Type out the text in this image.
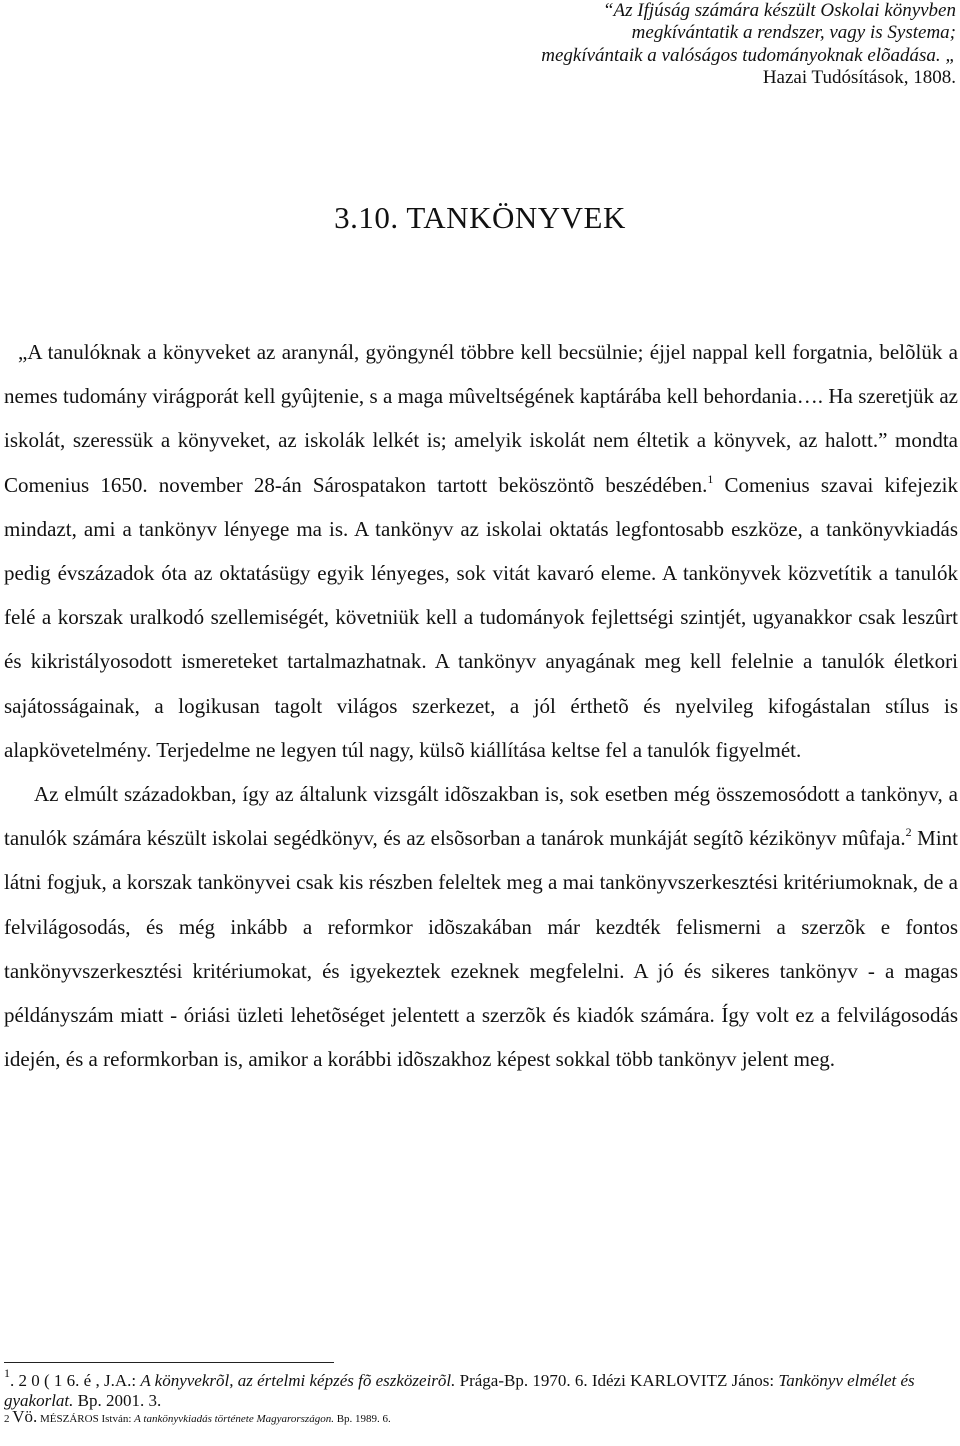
“Az Ifjúság számára készült Oskolai könyvben
megkívántatik a rendszer, vagy is Systema;
megkívántaik a valóságos tudományoknak elõadása. „
Hazai Tudósítások, 1808.
3.10. TANKÖNYVEK

„A tanulóknak a könyveket az aranynál, gyöngynél többre kell becsülnie; éjjel nappal kell forgatnia, belõlük a nemes tudomány virágporát kell gyûjtenie, s a maga mûveltségének kaptárába kell behordania…. Ha szeretjük az iskolát, szeressük a könyveket, az iskolák lelkét is; amelyik iskolát nem éltetik a könyvek, az halott.” mondta Comenius 1650. november 28-án Sárospatakon tartott beköszöntõ beszédében.$^1$ Comenius szavai kifejezik mindazt, ami a tankönyv lényege ma is. A tankönyv az iskolai oktatás legfontosabb eszköze, a tankönyvkiadás pedig évszázadok óta az oktatásügy egyik lényeges, sok vitát kavaró eleme. A tankönyvek közvetítik a tanulók felé a korszak uralkodó szellemiségét, követniük kell a tudományok fejlettségi szintjét, ugyanakkor csak leszûrt és kikristályosodott ismereteket tartalmazhatnak. A tankönyv anyagának meg kell felelnie a tanulók életkori sajátosságainak, a logikusan tagolt világos szerkezet, a jól érthetõ és nyelvileg kifogástalan stílus is alapkövetelmény. Terjedelme ne legyen túl nagy, külsõ kiállítása keltse fel a tanulók figyelmét.

Az elmúlt századokban, így az általunk vizsgált idõszakban is, sok esetben még összemosódott a tankönyv, a tanulók számára készült iskolai segédkönyv, és az elsõsorban a tanárok munkáját segítõ kézikönyv mûfaja.$^2$ Mint látni fogjuk, a korszak tankönyvei csak kis részben feleltek meg a mai tankönyvszerkesztési kritériumoknak, de a felvilágosodás, és még inkább a reformkor idõszakában már kezdték felismerni a szerzõk e fontos tankönyvszerkesztési kritériumokat, és igyekeztek ezeknek megfelelni. A jó és sikeres tankönyv - a magas példányszám miatt - óriási üzleti lehetõséget jelentett a szerzõk és kiadók számára. Így volt ez a felvilágosodás idején, és a reformkorban is, amikor a korábbi idõszakhoz képest sokkal több tankönyv jelent meg.

$^1$. 2 0 ( 1 6. é , J.A.: A könyvekrõl, az értelmi képzés fõ eszközeirõl. Prága-Bp. 1970. 6. Idézi KARLOVITZ János: Tankönyv elmélet és gyakorlat. Bp. 2001. 3.
2 Vö. MÉSZÁROS István: A tankönyvkiadás története Magyarországon. Bp. 1989. 6.
